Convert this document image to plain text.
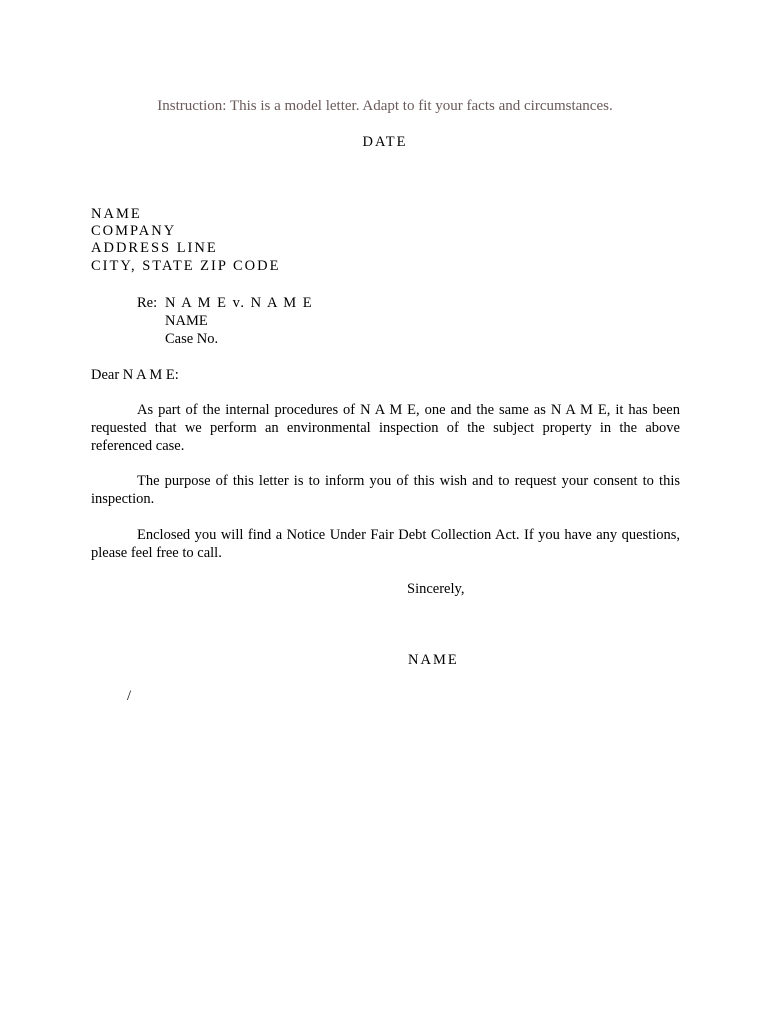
Instruction: This is a model letter. Adapt to fit your facts and circumstances.
DATE
NAME
COMPANY
ADDRESS LINE
CITY, STATE ZIP CODE
Re: N A M E v. N A M E
NAME
Case No.
Dear N A M E:

As part of the internal procedures of N A M E, one and the same as N A M E, it has been requested that we perform an environmental inspection of the subject property in the above referenced case.

The purpose of this letter is to inform you of this wish and to request your consent to this inspection.

Enclosed you will find a Notice Under Fair Debt Collection Act. If you have any questions, please feel free to call.

Sincerely,
NAME
/
